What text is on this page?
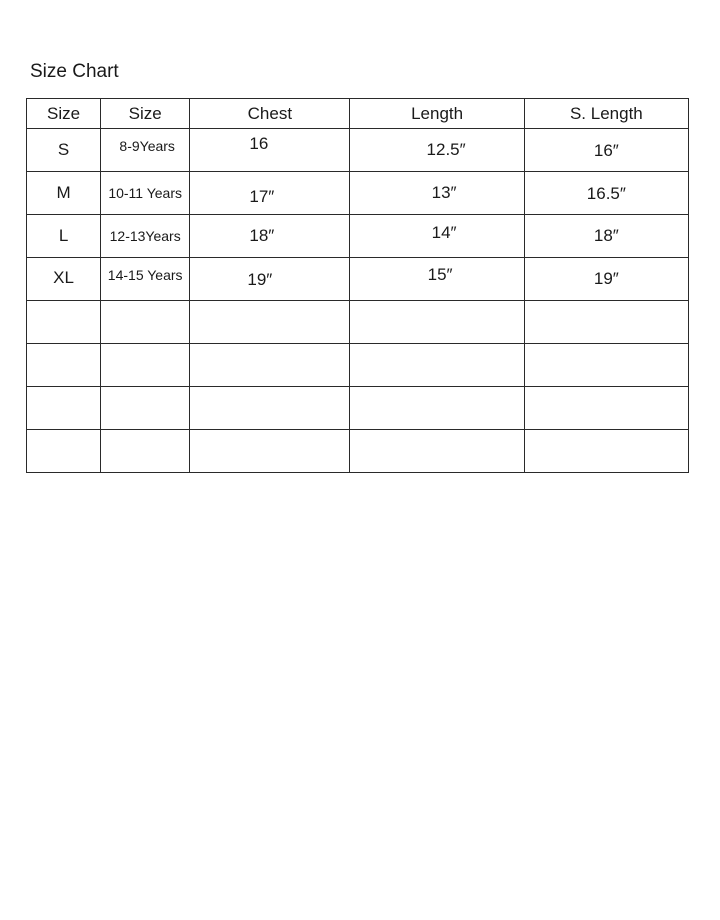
Size Chart
Size	Size	Chest	Length	S. Length
S	8-9Years	16	12.5″	16″
M	10-11 Years	17″	13″	16.5″
L	12-13Years	18″	14″	18″
XL	14-15 Years	19″	15″	19″
